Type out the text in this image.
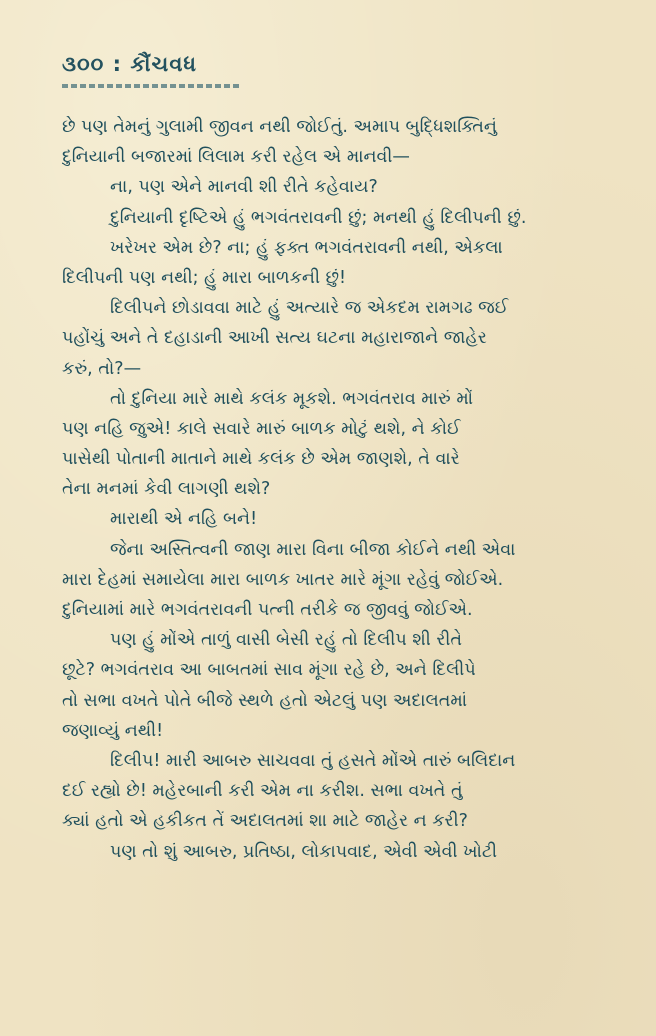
૩૦૦ : કૌંચવધ
છે પણ તેમનું ગુલામી જીવન નથી જોઈતું. અમાપ બુદ્ધિશક્તિનું
દુનિયાની બજારમાં લિલામ કરી રહેલ એ માનવી—
ના, પણ એને માનવી શી રીતે કહેવાય?
દુનિયાની દૃષ્ટિએ હું ભગવંતરાવની છું; મનથી હું દિલીપની છું.
ખરેખર એમ છે? ના; હું ફક્ત ભગવંતરાવની નથી, એકલા
દિલીપની પણ નથી; હું મારા બાળકની છું!
દિલીપને છોડાવવા માટે હું અત્યારે જ એકદમ રામગઢ જઈ
પહોંચું અને તે દહાડાની આખી સત્ય ઘટના મહારાજાને જાહેર
કરું, તો?—
તો દુનિયા મારે માથે કલંક મૂકશે. ભગવંતરાવ મારું મોં
પણ નહિ જુએ! કાલે સવારે મારું બાળક મોટું થશે, ને કોઈ
પાસેથી પોતાની માતાને માથે કલંક છે એમ જાણશે, તે વારે
તેના મનમાં કેવી લાગણી થશે?
મારાથી એ નહિ બને!
જેના અસ્તિત્વની જાણ મારા વિના બીજા કોઈને નથી એવા
મારા દેહમાં સમાયેલા મારા બાળક ખાતર મારે મૂંગા રહેવું જોઈએ.
દુનિયામાં મારે ભગવંતરાવની પત્ની તરીકે જ જીવવું જોઈએ.
પણ હું મોંએ તાળું વાસી બેસી રહું તો દિલીપ શી રીતે
છૂટે? ભગવંતરાવ આ બાબતમાં સાવ મૂંગા રહે છે, અને દિલીપે
તો સભા વખતે પોતે બીજે સ્થળે હતો એટલું પણ અદાલતમાં
જણાવ્યું નથી!
દિલીપ! મારી આબરુ સાચવવા તું હસતે મોંએ તારું બલિદાન
દઈ રહ્યો છે! મહેરબાની કરી એમ ના કરીશ. સભા વખતે તું
ક્યાં હતો એ હકીકત તેં અદાલતમાં શા માટે જાહેર ન કરી?
પણ તો શું આબરુ, પ્રતિષ્ઠા, લોકાપવાદ, એવી એવી ખોટી
